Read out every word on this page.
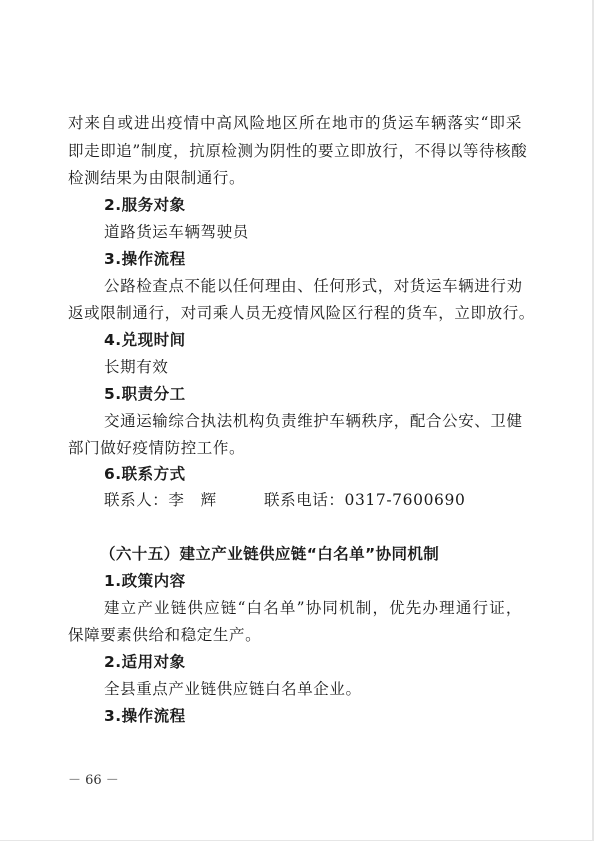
对来自或进出疫情中高风险地区所在地市的货运车辆落实“即采
即走即追”制度，抗原检测为阴性的要立即放行，不得以等待核酸
检测结果为由限制通行。
2.服务对象
道路货运车辆驾驶员
3.操作流程
公路检查点不能以任何理由、任何形式，对货运车辆进行劝
返或限制通行，对司乘人员无疫情风险区行程的货车，立即放行。
4.兑现时间
长期有效
5.职责分工
交通运输综合执法机构负责维护车辆秩序，配合公安、卫健
部门做好疫情防控工作。
6.联系方式
联系人：李　辉	联系电话：0317-7600690
（六十五）建立产业链供应链“白名单”协同机制
1.政策内容
建立产业链供应链“白名单”协同机制，优先办理通行证，
保障要素供给和稳定生产。
2.适用对象
全县重点产业链供应链白名单企业。
3.操作流程
－ 66 －
